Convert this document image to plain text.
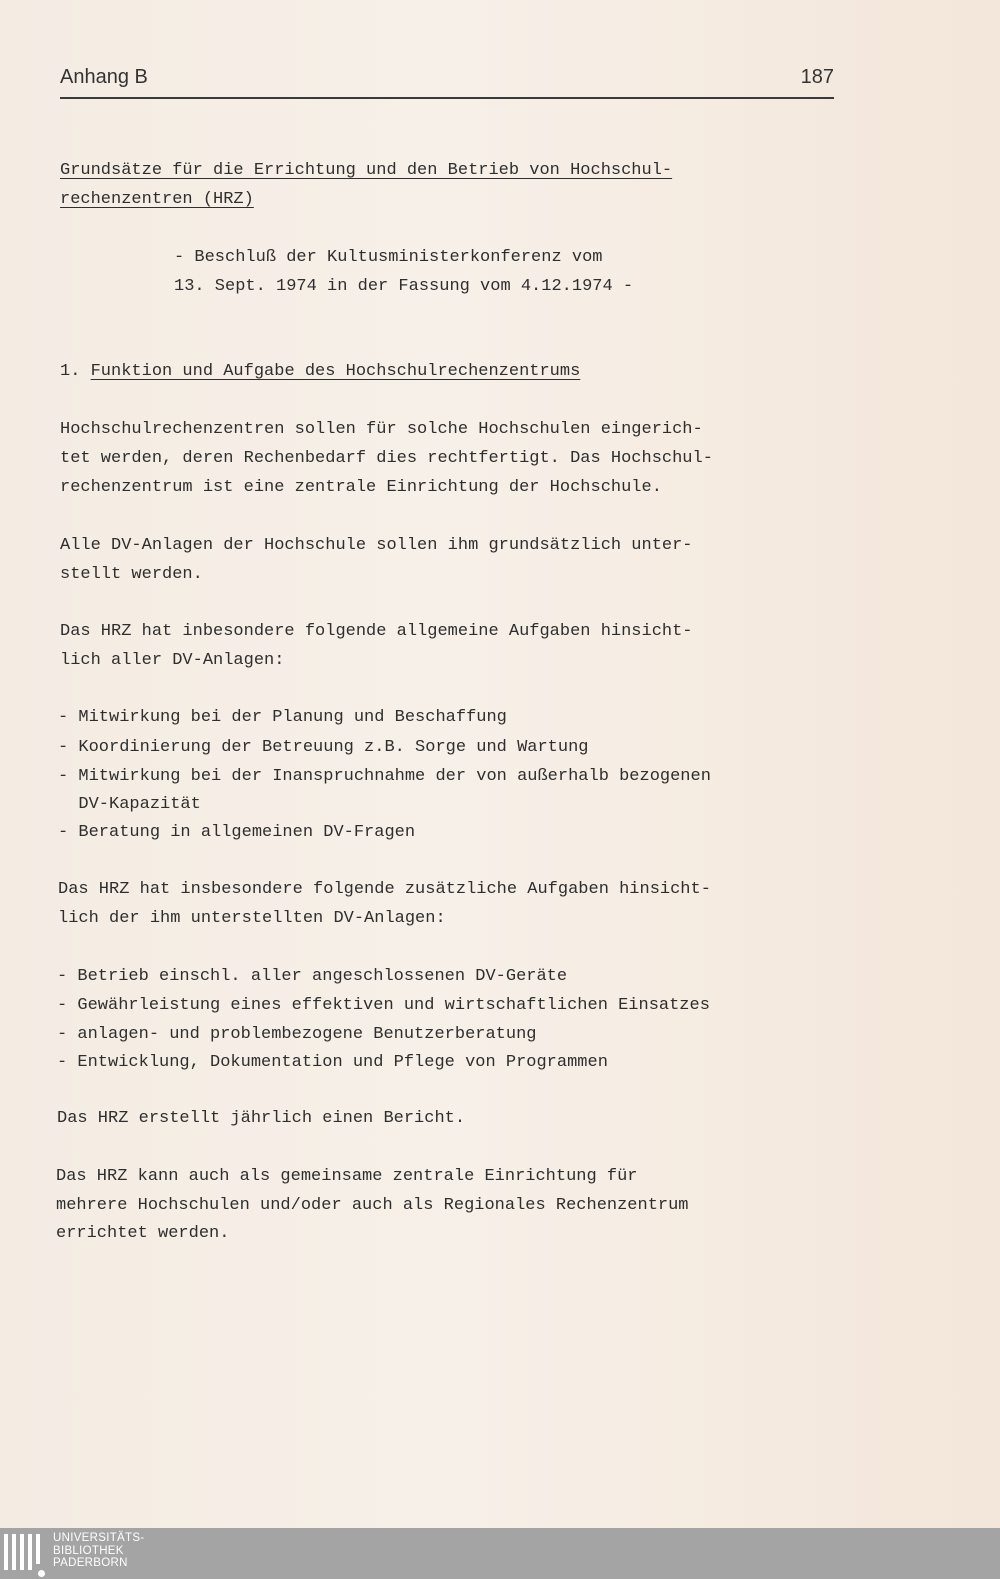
Anhang B	187
Grundsätze für die Errichtung und den Betrieb von Hochschul-
rechenzentren (HRZ)
- Beschluß der Kultusministerkonferenz vom
13. Sept. 1974 in der Fassung vom 4.12.1974 -
1. Funktion und Aufgabe des Hochschulrechenzentrums
Hochschulrechenzentren sollen für solche Hochschulen eingerich-
tet werden, deren Rechenbedarf dies rechtfertigt. Das Hochschul-
rechenzentrum ist eine zentrale Einrichtung der Hochschule.
Alle DV-Anlagen der Hochschule sollen ihm grundsätzlich unter-
stellt werden.
Das HRZ hat inbesondere folgende allgemeine Aufgaben hinsicht-
lich aller DV-Anlagen:
- Mitwirkung bei der Planung und Beschaffung
- Koordinierung der Betreuung z.B. Sorge und Wartung
- Mitwirkung bei der Inanspruchnahme der von außerhalb bezogenen
DV-Kapazität
- Beratung in allgemeinen DV-Fragen
Das HRZ hat insbesondere folgende zusätzliche Aufgaben hinsicht-
lich der ihm unterstellten DV-Anlagen:
- Betrieb einschl. aller angeschlossenen DV-Geräte
- Gewährleistung eines effektiven und wirtschaftlichen Einsatzes
- anlagen- und problembezogene Benutzerberatung
- Entwicklung, Dokumentation und Pflege von Programmen
Das HRZ erstellt jährlich einen Bericht.
Das HRZ kann auch als gemeinsame zentrale Einrichtung für
mehrere Hochschulen und/oder auch als Regionales Rechenzentrum
errichtet werden.
UNIVERSITÄTS-
BIBLIOTHEK
PADERBORN
